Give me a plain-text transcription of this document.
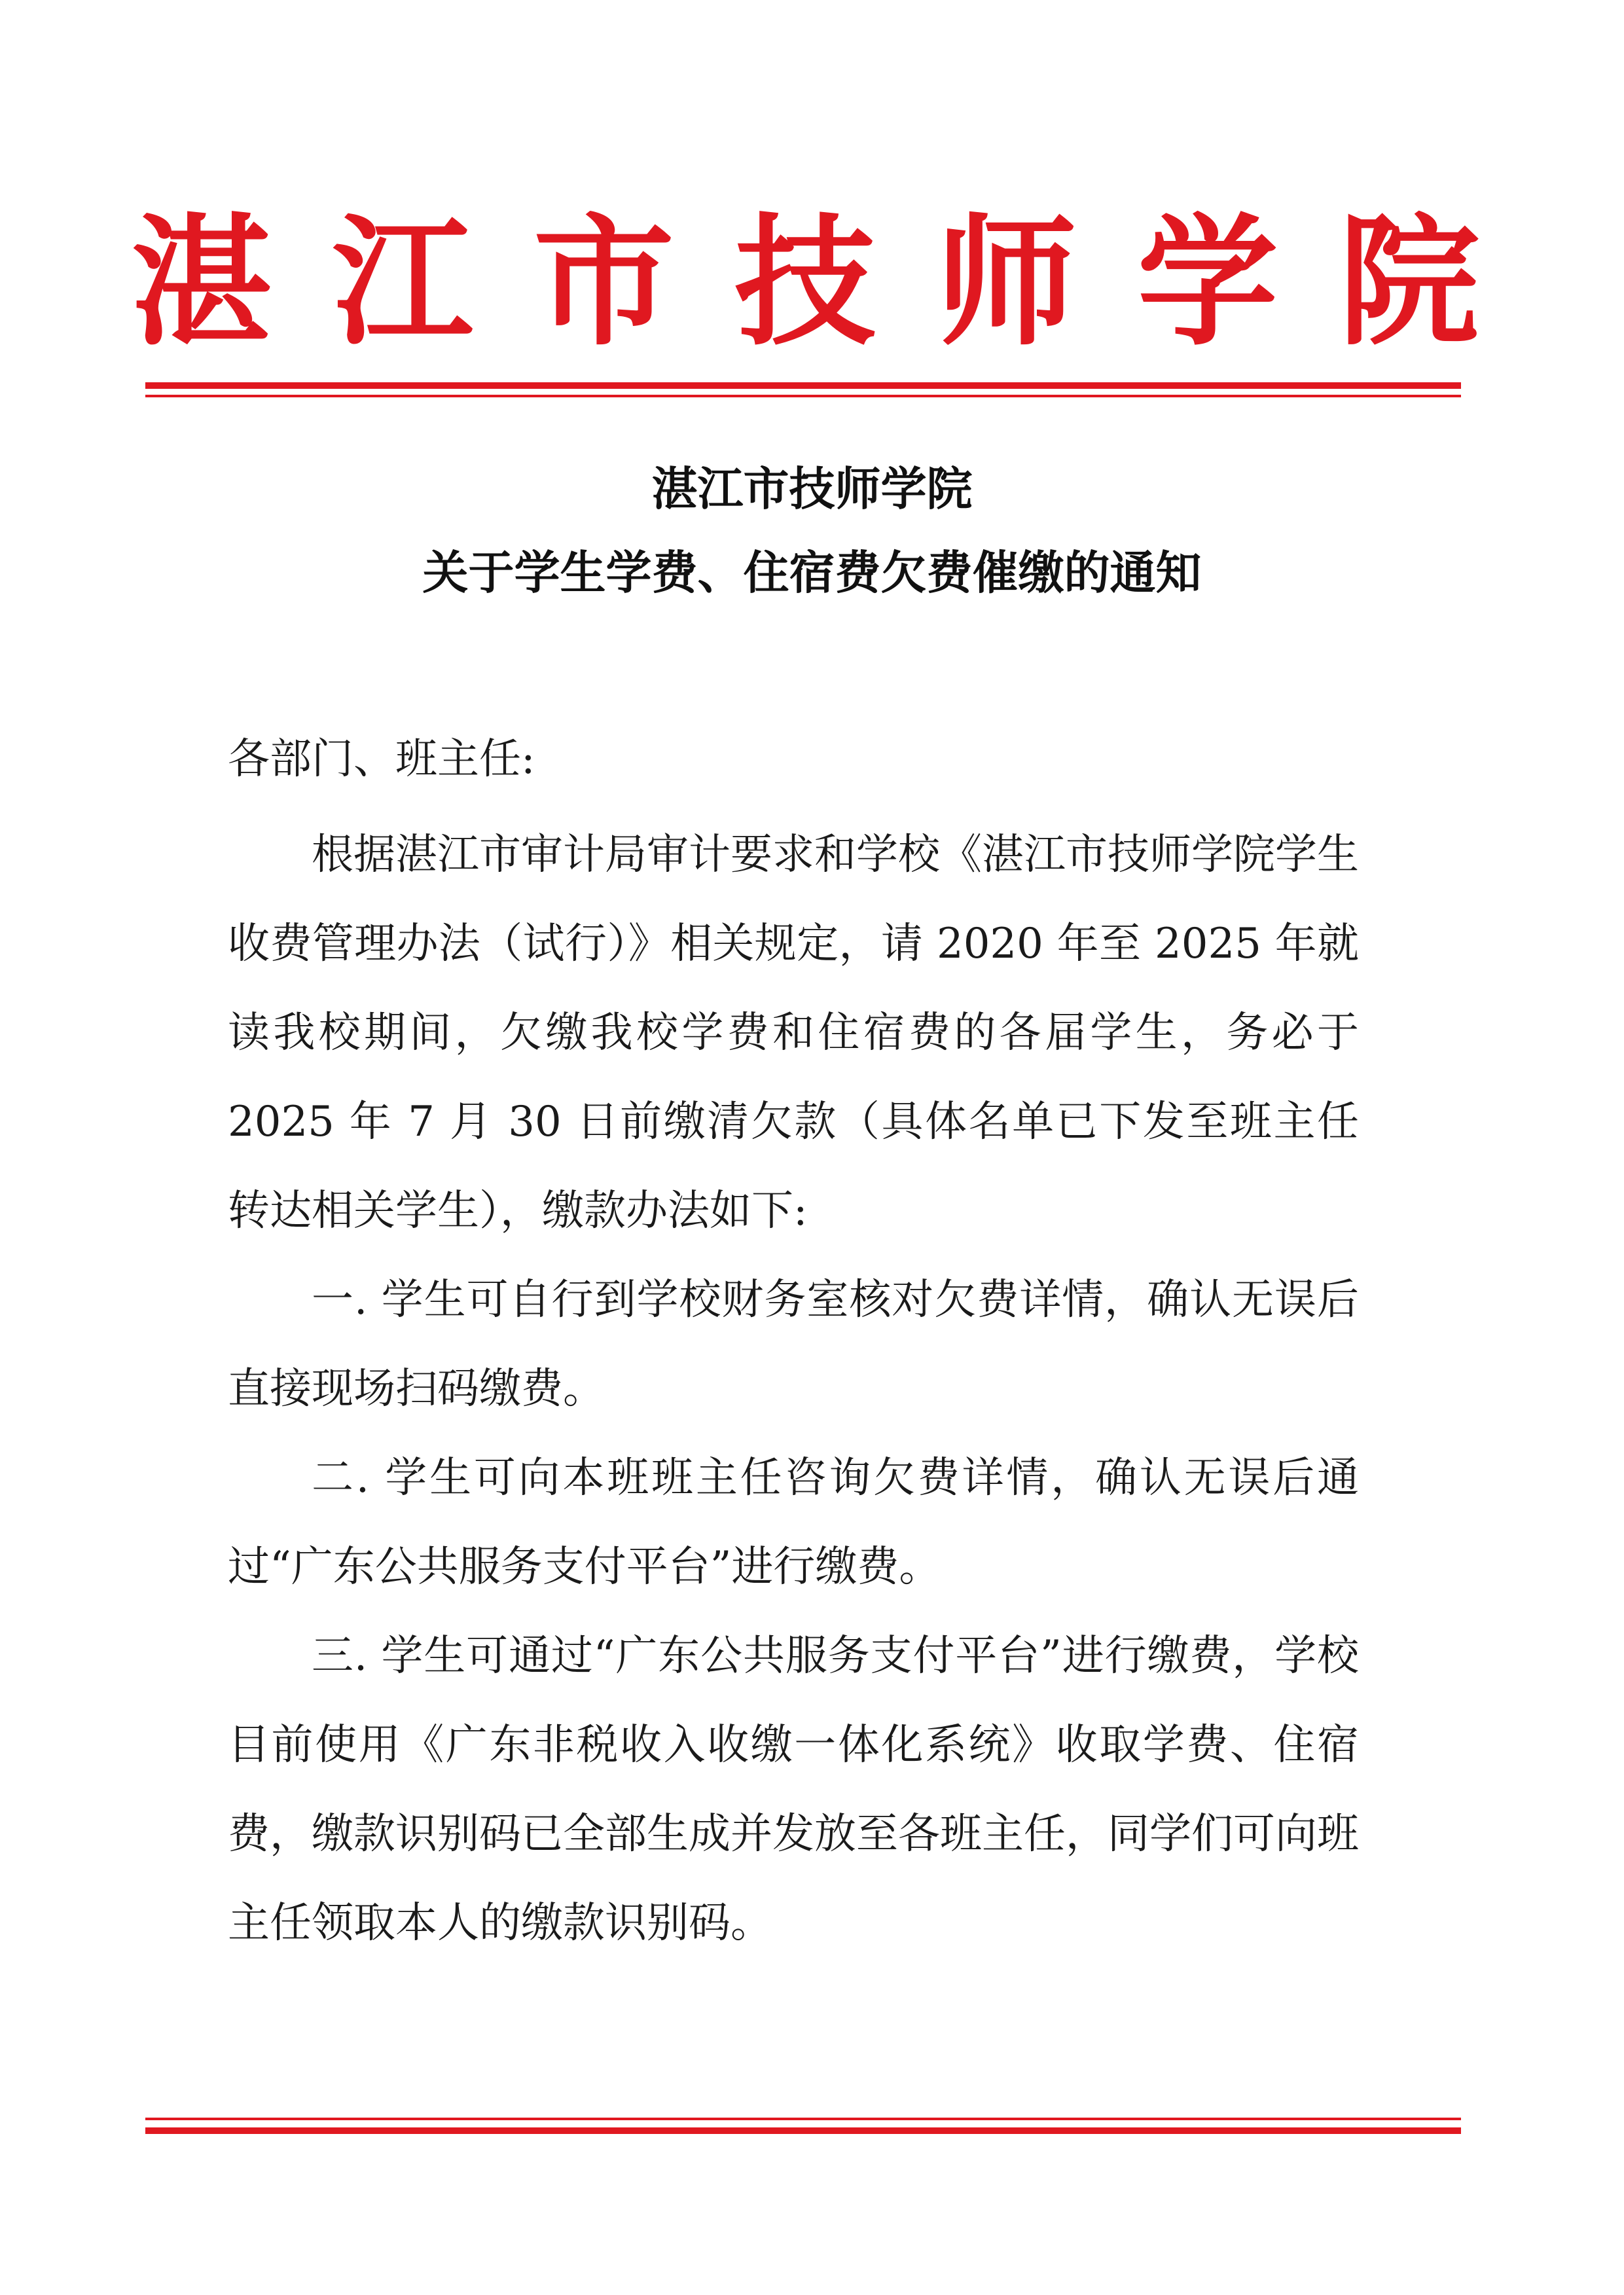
湛 江 市 技 师 学 院
湛江市技师学院
关于学生学费、住宿费欠费催缴的通知
各部门、班主任:

根据湛江市审计局审计要求和学校《湛江市技师学院学生收费管理办法（试行）》相关规定，请 2020 年至 2025 年就读我校期间，欠缴我校学费和住宿费的各届学生，务必于 2025 年 7 月 30 日前缴清欠款（具体名单已下发至班主任转达相关学生），缴款办法如下:

一. 学生可自行到学校财务室核对欠费详情，确认无误后直接现场扫码缴费。

二. 学生可向本班班主任咨询欠费详情，确认无误后通过“广东公共服务支付平台”进行缴费。

三. 学生可通过“广东公共服务支付平台”进行缴费，学校目前使用《广东非税收入收缴一体化系统》收取学费、住宿费，缴款识别码已全部生成并发放至各班主任，同学们可向班主任领取本人的缴款识别码。
